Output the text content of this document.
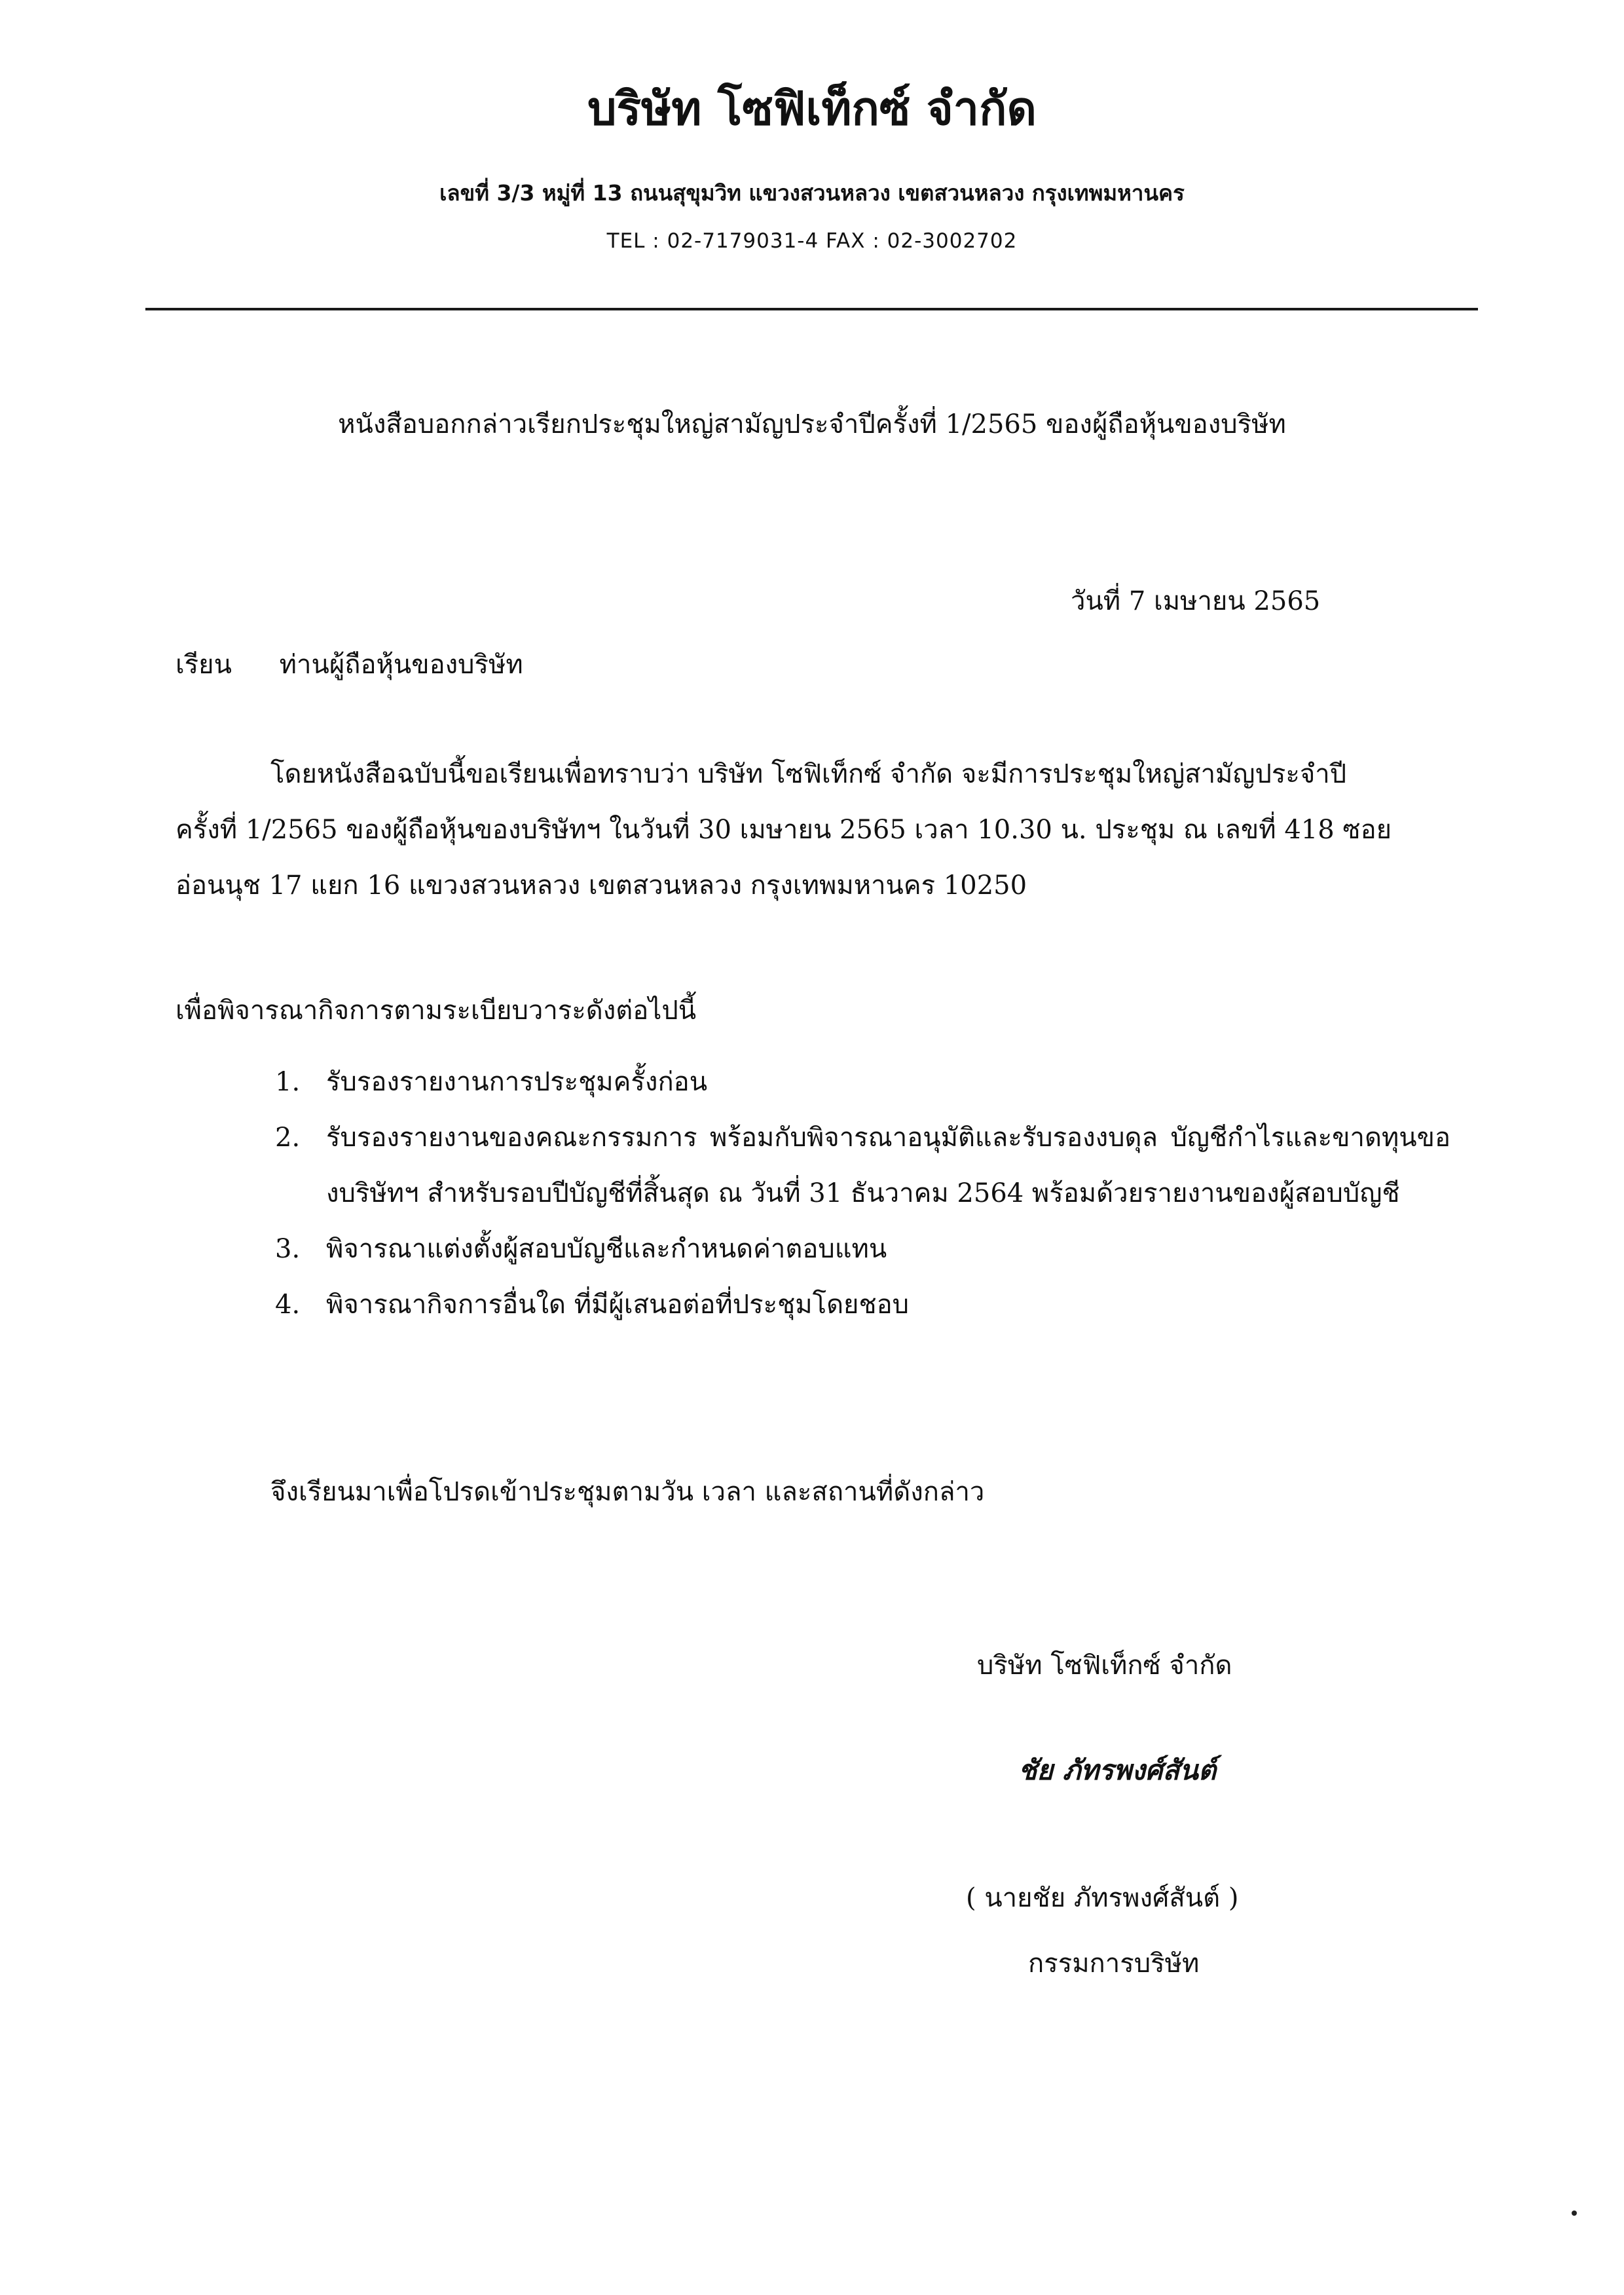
บริษัท โซฟิเท็กซ์ จำกัด
เลขที่ 3/3 หมู่ที่ 13 ถนนสุขุมวิท แขวงสวนหลวง เขตสวนหลวง กรุงเทพมหานคร
TEL : 02-7179031-4 FAX : 02-3002702
หนังสือบอกกล่าวเรียกประชุมใหญ่สามัญประจำปีครั้งที่ 1/2565 ของผู้ถือหุ้นของบริษัท
วันที่ 7 เมษายน 2565
เรียน ท่านผู้ถือหุ้นของบริษัท
โดยหนังสือฉบับนี้ขอเรียนเพื่อทราบว่า บริษัท โซฟิเท็กซ์ จำกัด จะมีการประชุมใหญ่สามัญประจำปี
ครั้งที่ 1/2565 ของผู้ถือหุ้นของบริษัทฯ ในวันที่ 30 เมษายน 2565 เวลา 10.30 น. ประชุม ณ เลขที่ 418 ซอย
อ่อนนุช 17 แยก 16 แขวงสวนหลวง เขตสวนหลวง กรุงเทพมหานคร 10250
เพื่อพิจารณากิจการตามระเบียบวาระดังต่อไปนี้
1. รับรองรายงานการประชุมครั้งก่อน
2. รับรองรายงานของคณะกรรมการ พร้อมกับพิจารณาอนุมัติและรับรองงบดุล บัญชีกำไรและขาดทุนของบริษัทฯ สำหรับรอบปีบัญชีที่สิ้นสุด ณ วันที่ 31 ธันวาคม 2564 พร้อมด้วยรายงานของผู้สอบบัญชี
3. พิจารณาแต่งตั้งผู้สอบบัญชีและกำหนดค่าตอบแทน
4. พิจารณากิจการอื่นใด ที่มีผู้เสนอต่อที่ประชุมโดยชอบ
จึงเรียนมาเพื่อโปรดเข้าประชุมตามวัน เวลา และสถานที่ดังกล่าว
บริษัท โซฟิเท็กซ์ จำกัด
ชัย ภัทรพงศ์สันต์
( นายชัย ภัทรพงศ์สันต์ )
กรรมการบริษัท
